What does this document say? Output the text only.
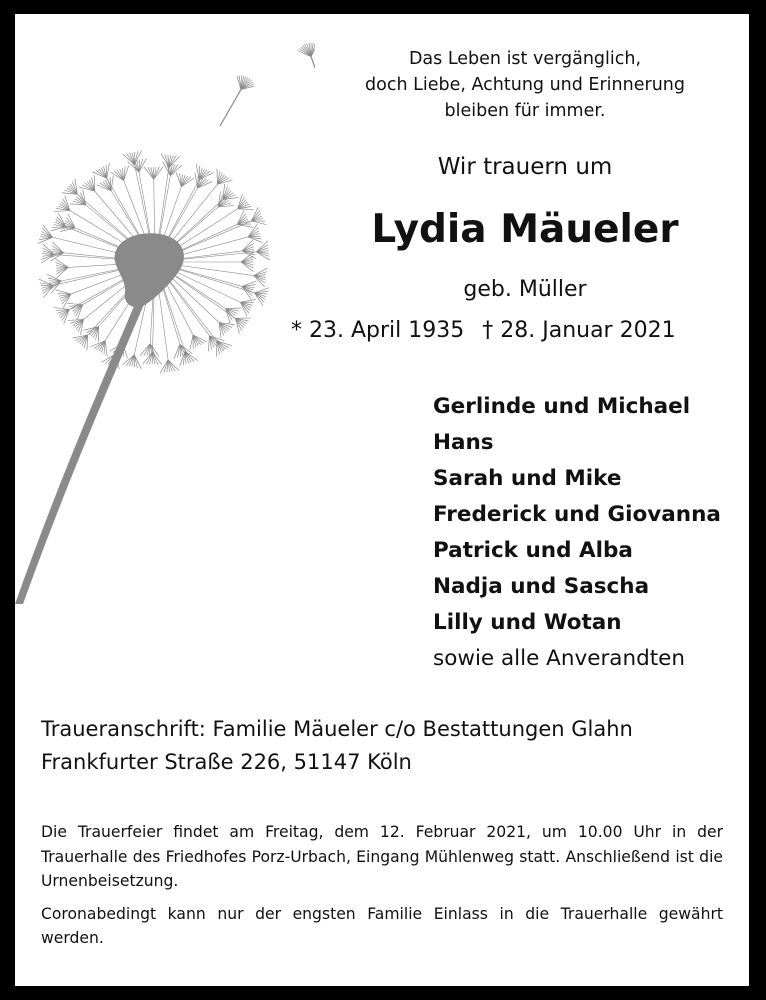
Das Leben ist vergänglich,
doch Liebe, Achtung und Erinnerung
bleiben für immer.
Wir trauern um
Lydia Mäueler
geb. Müller
* 23. April 1935 † 28. Januar 2021
Gerlinde und Michael
Hans
Sarah und Mike
Frederick und Giovanna
Patrick und Alba
Nadja und Sascha
Lilly und Wotan
sowie alle Anverandten
Traueranschrift: Familie Mäueler c/o Bestattungen Glahn
Frankfurter Straße 226, 51147 Köln

Die Trauerfeier findet am Freitag, dem 12. Februar 2021, um 10.00 Uhr in der Trauerhalle des Friedhofes Porz-Urbach, Eingang Mühlenweg statt. Anschließend ist die Urnenbeisetzung.

Coronabedingt kann nur der engsten Familie Einlass in die Trauerhalle gewährt werden.
